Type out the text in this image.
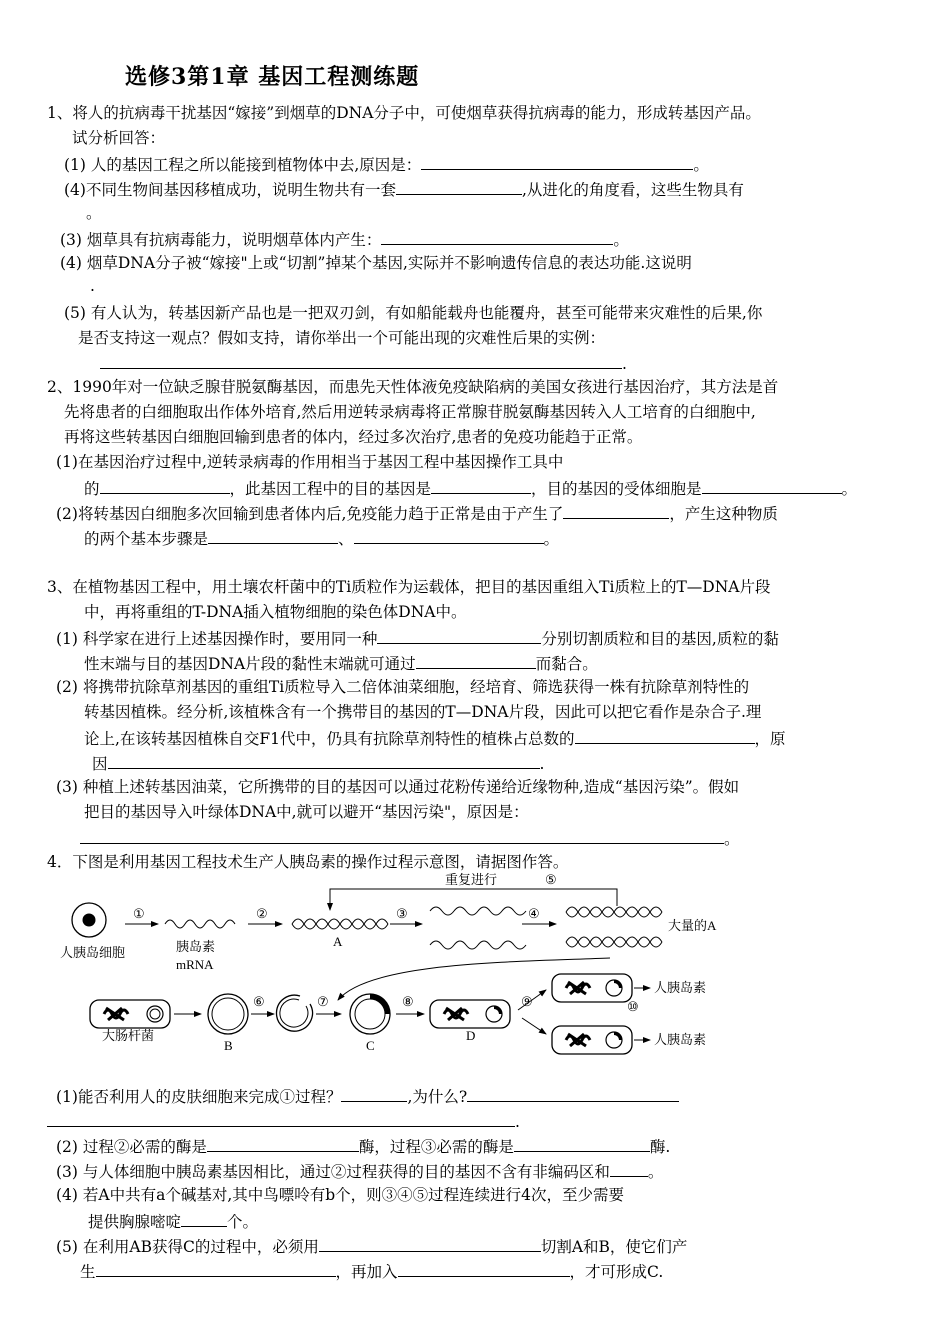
选修3第1章 基因工程测练题
1、将人的抗病毒干扰基因“嫁接”到烟草的DNA分子中，可使烟草获得抗病毒的能力，形成转基因产品。
试分析回答：
(1) 人的基因工程之所以能接到植物体中去,原因是：	。
(4)不同生物间基因移植成功，说明生物共有一套	,从进化的角度看，这些生物具有
。
(3) 烟草具有抗病毒能力，说明烟草体内产生：	。
(4) 烟草DNA分子被“嫁接"上或“切割”掉某个基因,实际并不影响遗传信息的表达功能.这说明
.
(5) 有人认为，转基因新产品也是一把双刃剑，有如船能载舟也能覆舟，甚至可能带来灾难性的后果,你
是否支持这一观点？假如支持，请你举出一个可能出现的灾难性后果的实例：
.
2、1990年对一位缺乏腺苷脱氨酶基因，而患先天性体液免疫缺陷病的美国女孩进行基因治疗，其方法是首
先将患者的白细胞取出作体外培育,然后用逆转录病毒将正常腺苷脱氨酶基因转入人工培育的白细胞中,
再将这些转基因白细胞回输到患者的体内，经过多次治疗,患者的免疫功能趋于正常。
(1)在基因治疗过程中,逆转录病毒的作用相当于基因工程中基因操作工具中
的	，此基因工程中的目的基因是	，目的基因的受体细胞是	。
(2)将转基因白细胞多次回输到患者体内后,免疫能力趋于正常是由于产生了	，产生这种物质
的两个基本步骤是	、	。
3、在植物基因工程中，用土壤农杆菌中的Ti质粒作为运载体，把目的基因重组入Ti质粒上的T—DNA片段
中，再将重组的T-DNA插入植物细胞的染色体DNA中。
(1) 科学家在进行上述基因操作时，要用同一种	分别切割质粒和目的基因,质粒的黏
性末端与目的基因DNA片段的黏性末端就可通过	而黏合。
(2) 将携带抗除草剂基因的重组Ti质粒导入二倍体油菜细胞，经培育、筛选获得一株有抗除草剂特性的
转基因植株。经分析,该植株含有一个携带目的基因的T—DNA片段，因此可以把它看作是杂合子.理
论上,在该转基因植株自交F1代中，仍具有抗除草剂特性的植株占总数的	，原
因	.
(3) 种植上述转基因油菜，它所携带的目的基因可以通过花粉传递给近缘物种,造成“基因污染”。假如
把目的基因导入叶绿体DNA中,就可以避开“基因污染"，原因是：
。
4．下图是利用基因工程技术生产人胰岛素的操作过程示意图，请据图作答。
重复进行	⑤
人胰岛细胞
①
胰岛素
mRNA
②
A
③	④
大量的A
大肠杆菌
B
⑥	⑦
C
⑧
D
⑨
人胰岛素
⑩
人胰岛素
(1)能否利用人的皮肤细胞来完成①过程？	,为什么?
.
(2) 过程②必需的酶是	酶，过程③必需的酶是	酶.
(3) 与人体细胞中胰岛素基因相比，通过②过程获得的目的基因不含有非编码区和 。
(4) 若A中共有a个碱基对,其中鸟嘌呤有b个，则③④⑤过程连续进行4次，至少需要
提供胸腺嘧啶	个。
(5) 在利用AB获得C的过程中，必须用	切割A和B，使它们产
生	，再加入	，才可形成C.
